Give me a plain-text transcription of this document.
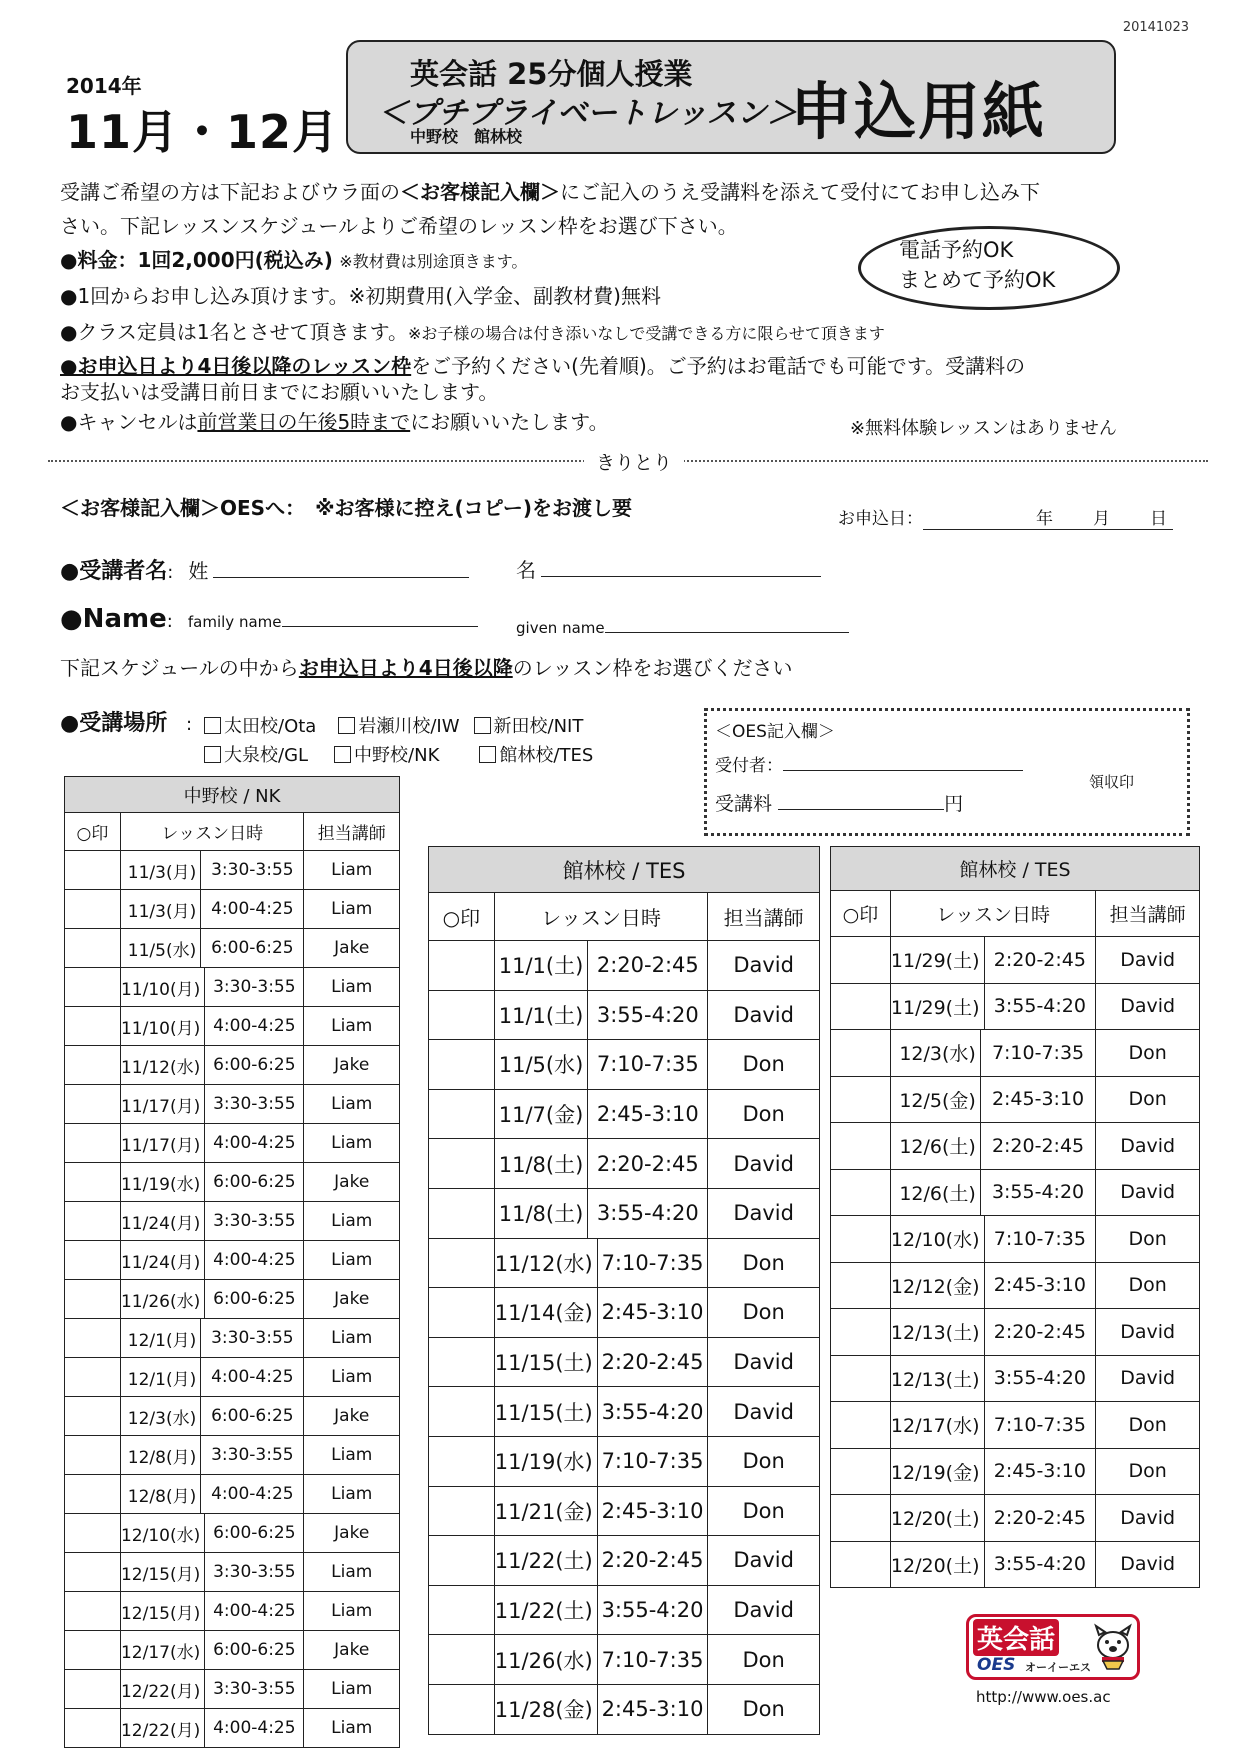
20141023
2014年
11月・12月
英会話 25分個人授業
＜プチプライベートレッスン＞
中野校　館林校	申込用紙
受講ご希望の方は下記およびウラ面の＜お客様記入欄＞にご記入のうえ受講料を添えて受付にてお申し込み下
さい。下記レッスンスケジュールよりご希望のレッスン枠をお選び下さい。
●料金：1回2,000円(税込み) ※教材費は別途頂きます。
●1回からお申し込み頂けます。※初期費用(入学金、副教材費)無料
●クラス定員は1名とさせて頂きます。※お子様の場合は付き添いなしで受講できる方に限らせて頂きます
●お申込日より4日後以降のレッスン枠をご予約ください(先着順)。ご予約はお電話でも可能です。受講料の
お支払いは受講日前日までにお願いいたします。
●キャンセルは前営業日の午後5時までにお願いいたします。	※無料体験レッスンはありません
電話予約OK
まとめて予約OK
きりとり
＜お客様記入欄＞OESへ：　※お客様に控え(コピー)をお渡し要	お申込日：	年 月 日
●受講者名: 姓	名
●Name: family name	given name
下記スケジュールの中からお申込日より4日後以降のレッスン枠をお選びください
●受講場所 :	太田校/Ota 岩瀬川校/IW 新田校/NIT
大泉校/GL	中野校/NK	館林校/TES
＜OES記入欄＞
受付者：
領収印
受講料	円
中野校 / NK		
○印	レッスン日時	担当講師

11/3(月) 3:30-3:55	Liam

11/3(月) 4:00-4:25	Liam

11/5(水) 6:00-6:25	Jake

11/10(月) 3:30-3:55	Liam

11/10(月) 4:00-4:25	Liam

11/12(水) 6:00-6:25	Jake

11/17(月) 3:30-3:55	Liam

11/17(月) 4:00-4:25	Liam

11/19(水) 6:00-6:25	Jake

11/24(月) 3:30-3:55	Liam

11/24(月) 4:00-4:25	Liam

11/26(水) 6:00-6:25	Jake

12/1(月) 3:30-3:55	Liam

12/1(月) 4:00-4:25	Liam

12/3(水) 6:00-6:25	Jake

12/8(月) 3:30-3:55	Liam

12/8(月) 4:00-4:25	Liam

12/10(水) 6:00-6:25	Jake

12/15(月) 3:30-3:55	Liam

12/15(月) 4:00-4:25	Liam

12/17(水) 6:00-6:25	Jake

12/22(月) 3:30-3:55	Liam

12/22(月) 4:00-4:25	Liam
館林校 / TES		
○印	レッスン日時	担当講師

11/1(土) 2:20-2:45	David

11/1(土) 3:55-4:20	David

11/5(水) 7:10-7:35	Don

11/7(金) 2:45-3:10	Don

11/8(土) 2:20-2:45	David

11/8(土) 3:55-4:20	David

11/12(水) 7:10-7:35	Don

11/14(金) 2:45-3:10	Don

11/15(土) 2:20-2:45	David

11/15(土) 3:55-4:20	David

11/19(水) 7:10-7:35	Don

11/21(金) 2:45-3:10	Don

11/22(土) 2:20-2:45	David

11/22(土) 3:55-4:20	David

11/26(水) 7:10-7:35	Don

11/28(金) 2:45-3:10	Don
館林校 / TES		
○印	レッスン日時	担当講師

11/29(土) 2:20-2:45	David

11/29(土) 3:55-4:20	David

12/3(水) 7:10-7:35	Don

12/5(金) 2:45-3:10	Don

12/6(土) 2:20-2:45	David

12/6(土) 3:55-4:20	David

12/10(水) 7:10-7:35	Don

12/12(金) 2:45-3:10	Don

12/13(土) 2:20-2:45	David

12/13(土) 3:55-4:20	David

12/17(水) 7:10-7:35	Don

12/19(金) 2:45-3:10	Don

12/20(土) 2:20-2:45	David

12/20(土) 3:55-4:20	David
英会話
OES オーイーエス
http://www.oes.ac
